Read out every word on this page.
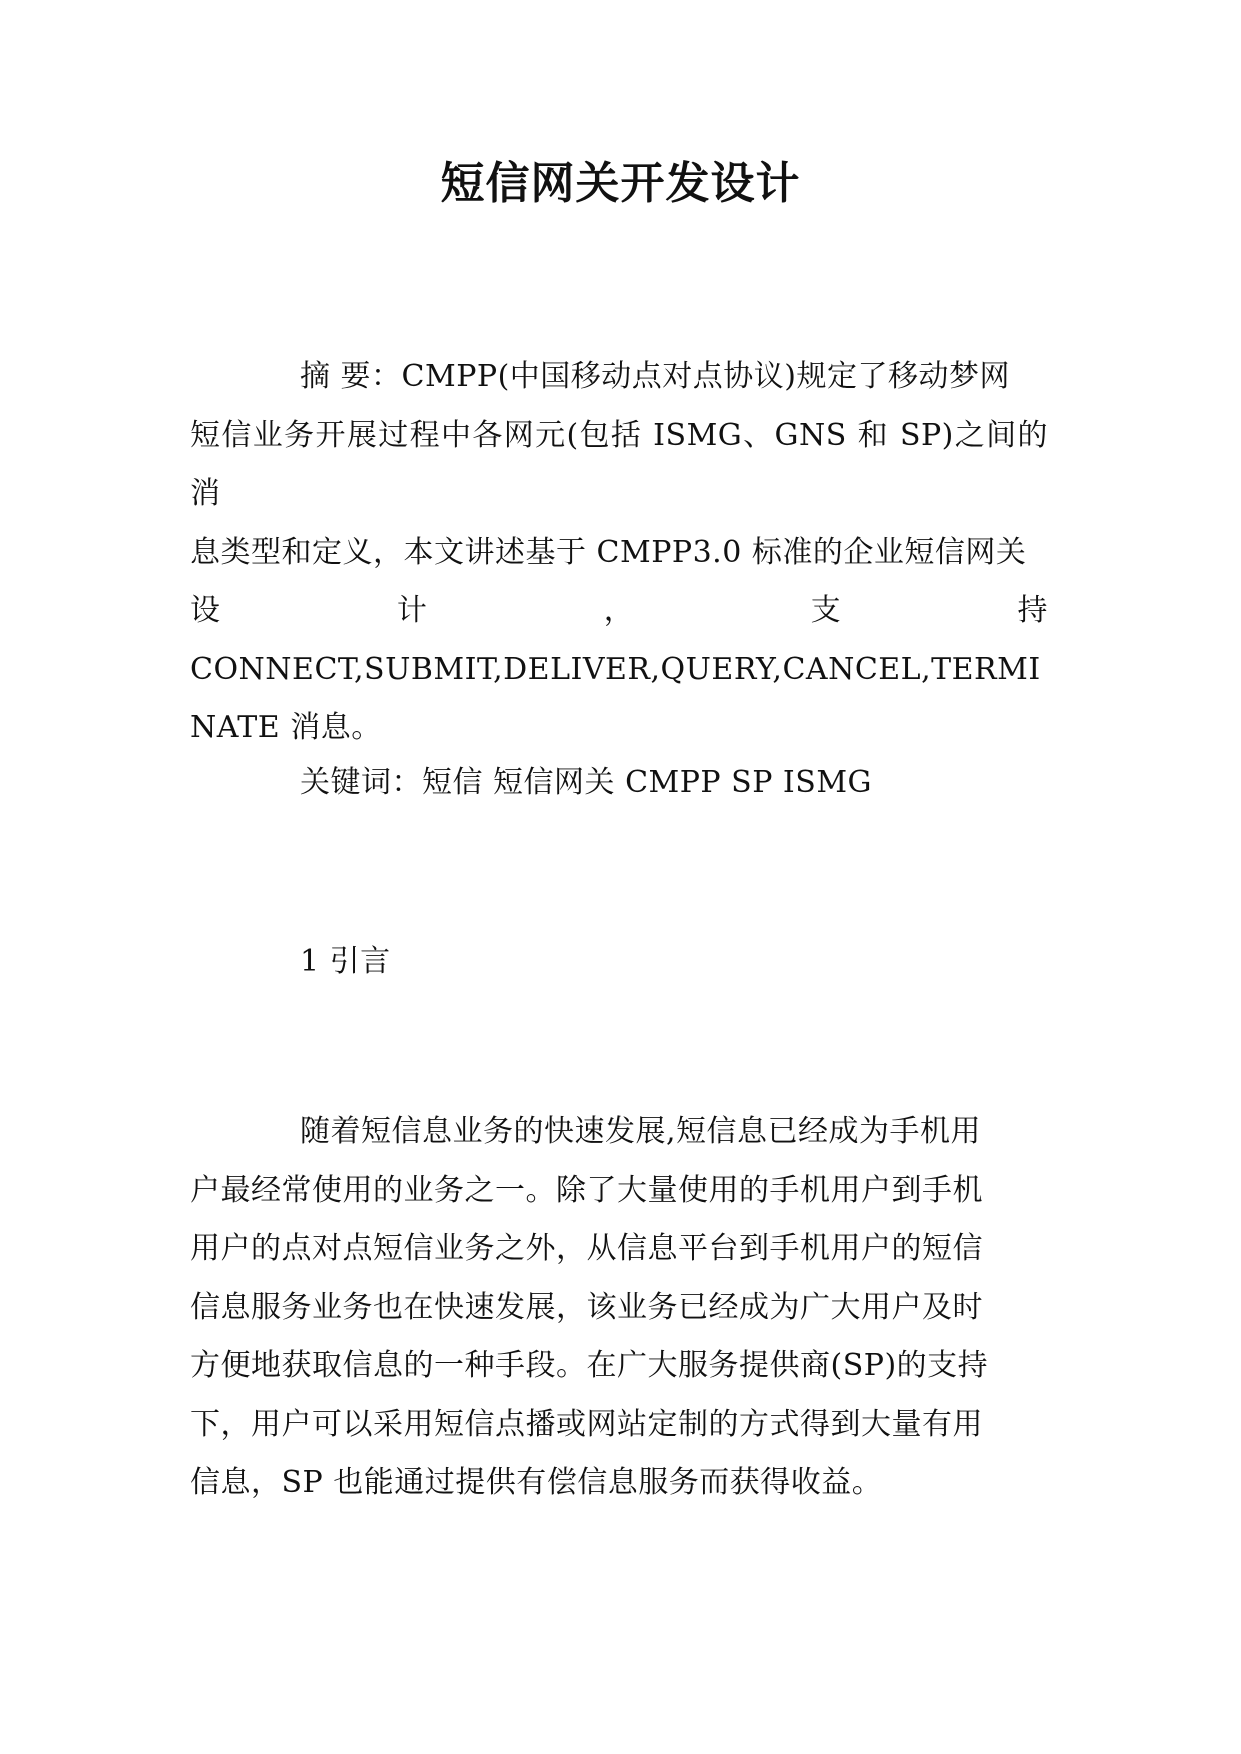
短信网关开发设计
摘 要：CMPP(中国移动点对点协议)规定了移动梦网
短信业务开展过程中各网元(包括 ISMG、GNS 和 SP)之间的消
息类型和定义，本文讲述基于 CMPP3.0 标准的企业短信网关
设	计	，	支	持
CONNECT,SUBMIT,DELIVER,QUERY,CANCEL,TERMINATE 消息。
关键词：短信 短信网关 CMPP SP ISMG
1 引言
随着短信息业务的快速发展,短信息已经成为手机用
户最经常使用的业务之一。除了大量使用的手机用户到手机
用户的点对点短信业务之外，从信息平台到手机用户的短信
信息服务业务也在快速发展，该业务已经成为广大用户及时
方便地获取信息的一种手段。在广大服务提供商(SP)的支持
下，用户可以采用短信点播或网站定制的方式得到大量有用
信息，SP 也能通过提供有偿信息服务而获得收益。
